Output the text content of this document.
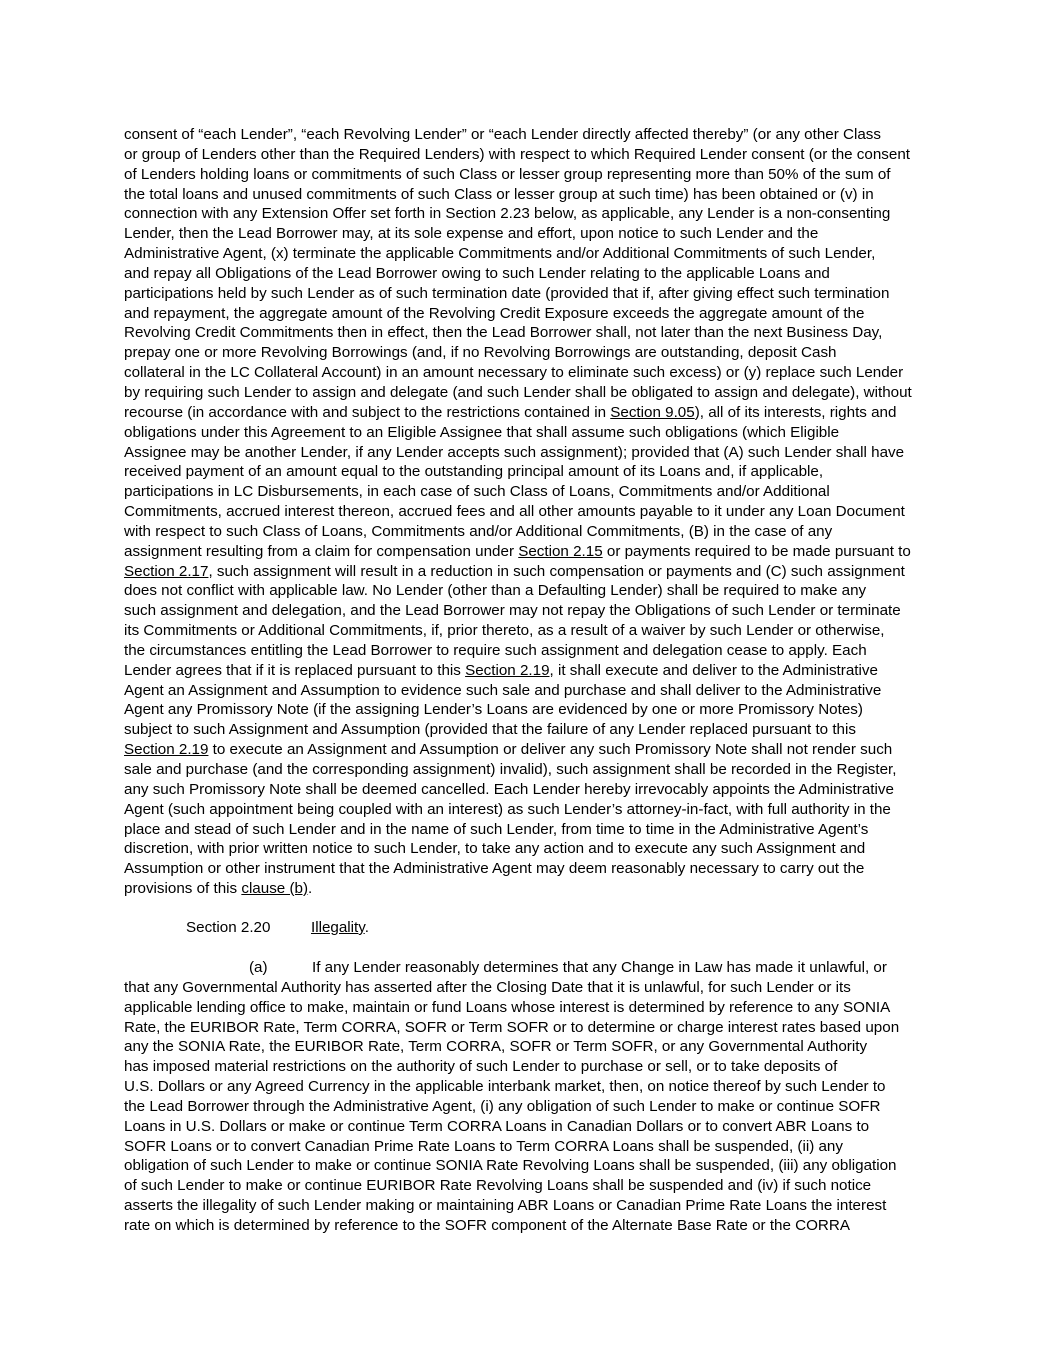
consent of “each Lender”, “each Revolving Lender” or “each Lender directly affected thereby” (or any other Class
or group of Lenders other than the Required Lenders) with respect to which Required Lender consent (or the consent
of Lenders holding loans or commitments of such Class or lesser group representing more than 50% of the sum of
the total loans and unused commitments of such Class or lesser group at such time) has been obtained or (v) in
connection with any Extension Offer set forth in Section 2.23 below, as applicable, any Lender is a non-consenting
Lender, then the Lead Borrower may, at its sole expense and effort, upon notice to such Lender and the
Administrative Agent, (x) terminate the applicable Commitments and/or Additional Commitments of such Lender,
and repay all Obligations of the Lead Borrower owing to such Lender relating to the applicable Loans and
participations held by such Lender as of such termination date (provided that if, after giving effect such termination
and repayment, the aggregate amount of the Revolving Credit Exposure exceeds the aggregate amount of the
Revolving Credit Commitments then in effect, then the Lead Borrower shall, not later than the next Business Day,
prepay one or more Revolving Borrowings (and, if no Revolving Borrowings are outstanding, deposit Cash
collateral in the LC Collateral Account) in an amount necessary to eliminate such excess) or (y) replace such Lender
by requiring such Lender to assign and delegate (and such Lender shall be obligated to assign and delegate), without
recourse (in accordance with and subject to the restrictions contained in Section 9.05), all of its interests, rights and
obligations under this Agreement to an Eligible Assignee that shall assume such obligations (which Eligible
Assignee may be another Lender, if any Lender accepts such assignment); provided that (A) such Lender shall have
received payment of an amount equal to the outstanding principal amount of its Loans and, if applicable,
participations in LC Disbursements, in each case of such Class of Loans, Commitments and/or Additional
Commitments, accrued interest thereon, accrued fees and all other amounts payable to it under any Loan Document
with respect to such Class of Loans, Commitments and/or Additional Commitments, (B) in the case of any
assignment resulting from a claim for compensation under Section 2.15 or payments required to be made pursuant to
Section 2.17, such assignment will result in a reduction in such compensation or payments and (C) such assignment
does not conflict with applicable law. No Lender (other than a Defaulting Lender) shall be required to make any
such assignment and delegation, and the Lead Borrower may not repay the Obligations of such Lender or terminate
its Commitments or Additional Commitments, if, prior thereto, as a result of a waiver by such Lender or otherwise,
the circumstances entitling the Lead Borrower to require such assignment and delegation cease to apply. Each
Lender agrees that if it is replaced pursuant to this Section 2.19, it shall execute and deliver to the Administrative
Agent an Assignment and Assumption to evidence such sale and purchase and shall deliver to the Administrative
Agent any Promissory Note (if the assigning Lender’s Loans are evidenced by one or more Promissory Notes)
subject to such Assignment and Assumption (provided that the failure of any Lender replaced pursuant to this
Section 2.19 to execute an Assignment and Assumption or deliver any such Promissory Note shall not render such
sale and purchase (and the corresponding assignment) invalid), such assignment shall be recorded in the Register,
any such Promissory Note shall be deemed cancelled. Each Lender hereby irrevocably appoints the Administrative
Agent (such appointment being coupled with an interest) as such Lender’s attorney-in-fact, with full authority in the
place and stead of such Lender and in the name of such Lender, from time to time in the Administrative Agent’s
discretion, with prior written notice to such Lender, to take any action and to execute any such Assignment and
Assumption or other instrument that the Administrative Agent may deem reasonably necessary to carry out the
provisions of this clause (b).
Section 2.20	Illegality.
(a)	If any Lender reasonably determines that any Change in Law has made it unlawful, or
that any Governmental Authority has asserted after the Closing Date that it is unlawful, for such Lender or its
applicable lending office to make, maintain or fund Loans whose interest is determined by reference to any SONIA
Rate, the EURIBOR Rate, Term CORRA, SOFR or Term SOFR or to determine or charge interest rates based upon
any the SONIA Rate, the EURIBOR Rate, Term CORRA, SOFR or Term SOFR, or any Governmental Authority
has imposed material restrictions on the authority of such Lender to purchase or sell, or to take deposits of
U.S. Dollars or any Agreed Currency in the applicable interbank market, then, on notice thereof by such Lender to
the Lead Borrower through the Administrative Agent, (i) any obligation of such Lender to make or continue SOFR
Loans in U.S. Dollars or make or continue Term CORRA Loans in Canadian Dollars or to convert ABR Loans to
SOFR Loans or to convert Canadian Prime Rate Loans to Term CORRA Loans shall be suspended, (ii) any
obligation of such Lender to make or continue SONIA Rate Revolving Loans shall be suspended, (iii) any obligation
of such Lender to make or continue EURIBOR Rate Revolving Loans shall be suspended and (iv) if such notice
asserts the illegality of such Lender making or maintaining ABR Loans or Canadian Prime Rate Loans the interest
rate on which is determined by reference to the SOFR component of the Alternate Base Rate or the CORRA
